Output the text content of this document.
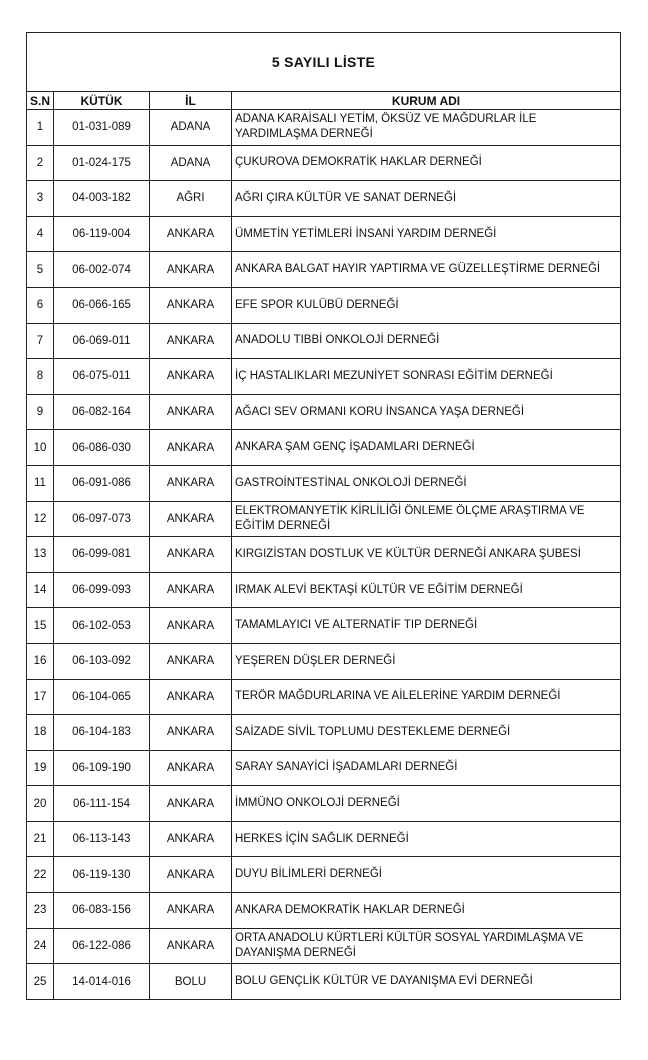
5 SAYILI LİSTE			
S.N	KÜTÜK	İL	KURUM ADI
1	01-031-089	ADANA	ADANA KARAİSALI YETİM, ÖKSÜZ VE MAĞDURLAR İLE YARDIMLAŞMA DERNEĞİ
2	01-024-175	ADANA	ÇUKUROVA DEMOKRATİK HAKLAR DERNEĞİ
3	04-003-182	AĞRI	AĞRI ÇIRA KÜLTÜR VE SANAT DERNEĞİ
4	06-119-004	ANKARA	ÜMMETİN YETİMLERİ İNSANİ YARDIM DERNEĞİ
5	06-002-074	ANKARA	ANKARA BALGAT HAYIR YAPTIRMA VE GÜZELLEŞTİRME DERNEĞİ
6	06-066-165	ANKARA	EFE SPOR KULÜBÜ DERNEĞİ
7	06-069-011	ANKARA	ANADOLU TIBBİ ONKOLOJİ DERNEĞİ
8	06-075-011	ANKARA	İÇ HASTALIKLARI MEZUNİYET SONRASI EĞİTİM DERNEĞİ
9	06-082-164	ANKARA	AĞACI SEV ORMANI KORU İNSANCA YAŞA DERNEĞİ
10	06-086-030	ANKARA	ANKARA ŞAM GENÇ İŞADAMLARI DERNEĞİ
11	06-091-086	ANKARA	GASTROİNTESTİNAL ONKOLOJİ DERNEĞİ
12	06-097-073	ANKARA	ELEKTROMANYETİK KİRLİLİĞİ ÖNLEME ÖLÇME ARAŞTIRMA VE EĞİTİM DERNEĞİ
13	06-099-081	ANKARA	KIRGIZİSTAN DOSTLUK VE KÜLTÜR DERNEĞİ ANKARA ŞUBESİ
14	06-099-093	ANKARA	IRMAK ALEVİ BEKTAŞİ KÜLTÜR VE EĞİTİM DERNEĞİ
15	06-102-053	ANKARA	TAMAMLAYICI VE ALTERNATİF TIP DERNEĞİ
16	06-103-092	ANKARA	YEŞEREN DÜŞLER DERNEĞİ
17	06-104-065	ANKARA	TERÖR MAĞDURLARINA VE AİLELERİNE YARDIM DERNEĞİ
18	06-104-183	ANKARA	SAİZADE SİVİL TOPLUMU DESTEKLEME DERNEĞİ
19	06-109-190	ANKARA	SARAY SANAYİCİ İŞADAMLARI DERNEĞİ
20	06-111-154	ANKARA	İMMÜNO ONKOLOJİ DERNEĞİ
21	06-113-143	ANKARA	HERKES İÇİN SAĞLIK DERNEĞİ
22	06-119-130	ANKARA	DUYU BİLİMLERİ DERNEĞİ
23	06-083-156	ANKARA	ANKARA DEMOKRATİK HAKLAR DERNEĞİ
24	06-122-086	ANKARA	ORTA ANADOLU KÜRTLERİ KÜLTÜR SOSYAL YARDIMLAŞMA VE DAYANIŞMA DERNEĞİ
25	14-014-016	BOLU	BOLU GENÇLİK KÜLTÜR VE DAYANIŞMA EVİ DERNEĞİ
